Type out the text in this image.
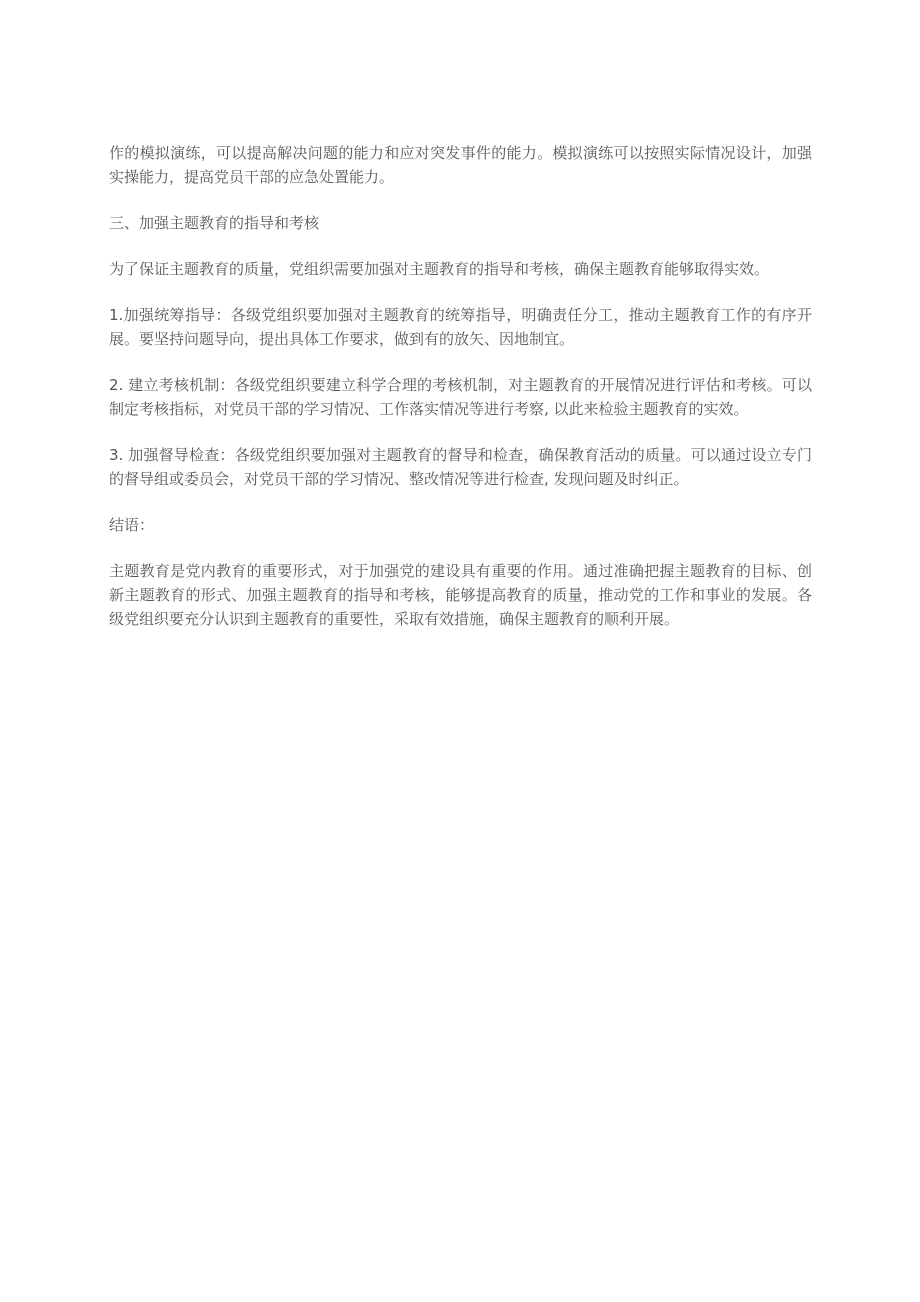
作的模拟演练，可以提高解决问题的能力和应对突发事件的能力。模拟演练可以按照实际情况设计，加强实操能力，提高党员干部的应急处置能力。

三、加强主题教育的指导和考核

为了保证主题教育的质量，党组织需要加强对主题教育的指导和考核，确保主题教育能够取得实效。

1.加强统筹指导：各级党组织要加强对主题教育的统筹指导，明确责任分工，推动主题教育工作的有序开展。要坚持问题导向，提出具体工作要求，做到有的放矢、因地制宜。

2. 建立考核机制：各级党组织要建立科学合理的考核机制，对主题教育的开展情况进行评估和考核。可以制定考核指标，对党员干部的学习情况、工作落实情况等进行考察, 以此来检验主题教育的实效。

3. 加强督导检查：各级党组织要加强对主题教育的督导和检查，确保教育活动的质量。可以通过设立专门的督导组或委员会，对党员干部的学习情况、整改情况等进行检查, 发现问题及时纠正。

结语：

主题教育是党内教育的重要形式，对于加强党的建设具有重要的作用。通过准确把握主题教育的目标、创新主题教育的形式、加强主题教育的指导和考核，能够提高教育的质量，推动党的工作和事业的发展。各级党组织要充分认识到主题教育的重要性，采取有效措施，确保主题教育的顺利开展。
